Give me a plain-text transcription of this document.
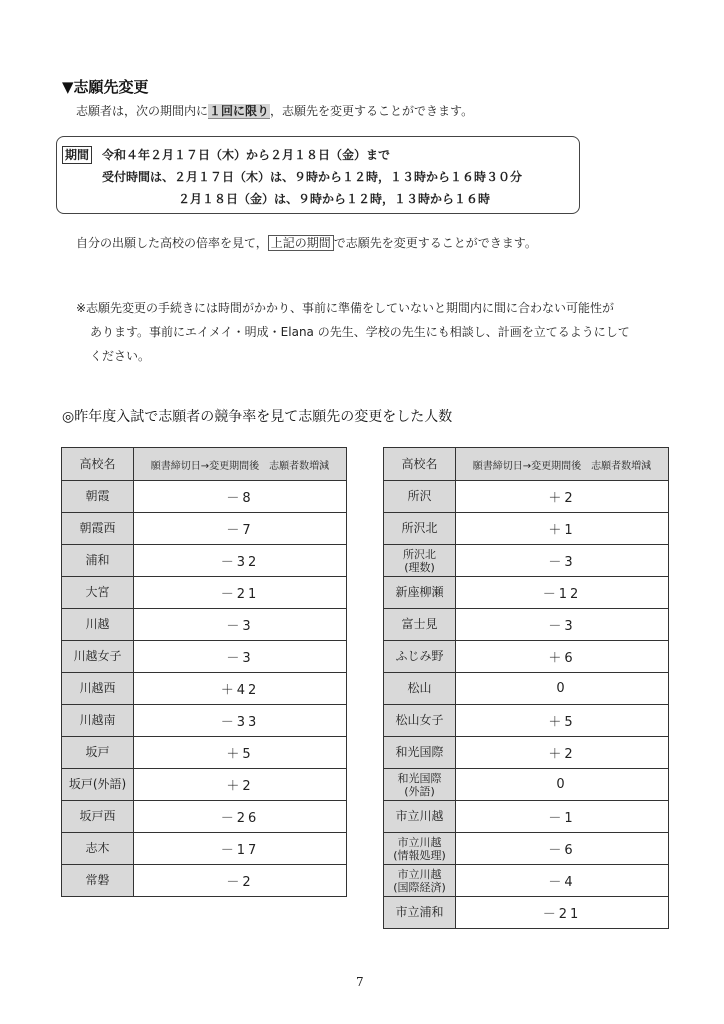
▼志願先変更
志願者は，次の期間内に１回に限り，志願先を変更することができます。
期間 令和４年２月１７日（木）から２月１８日（金）まで
受付時間は、２月１７日（木）は、９時から１２時，１３時から１６時３０分
２月１８日（金）は、９時から１２時，１３時から１６時
自分の出願した高校の倍率を見て， 上記の期間 で志願先を変更することができます。
※志願先変更の手続きには時間がかかり、事前に準備をしていないと期間内に間に合わない可能性が
あります。事前にエイメイ・明成・Elana の先生、学校の先生にも相談し、計画を立てるようにして
ください。
◎昨年度入試で志願者の競争率を見て志願先の変更をした人数
高校名	願書締切日→変更期間後　志願者数増減
朝霞	－8
朝霞西	－7
浦和	－32
大宮	－21
川越	－3
川越女子	－3
川越西	＋42
川越南	－33
坂戸	＋5
坂戸(外語)	＋2
坂戸西	－26
志木	－17
常磐	－2
高校名	願書締切日→変更期間後　志願者数増減
所沢	＋2
所沢北	＋1
所沢北
(理数)	－3
新座柳瀬	－12
富士見	－3
ふじみ野	＋6
松山	0
松山女子	＋5
和光国際	＋2
和光国際
(外語)	0
市立川越	－1
市立川越
(情報処理)	－6
市立川越
(国際経済)	－4
市立浦和	－21
7
